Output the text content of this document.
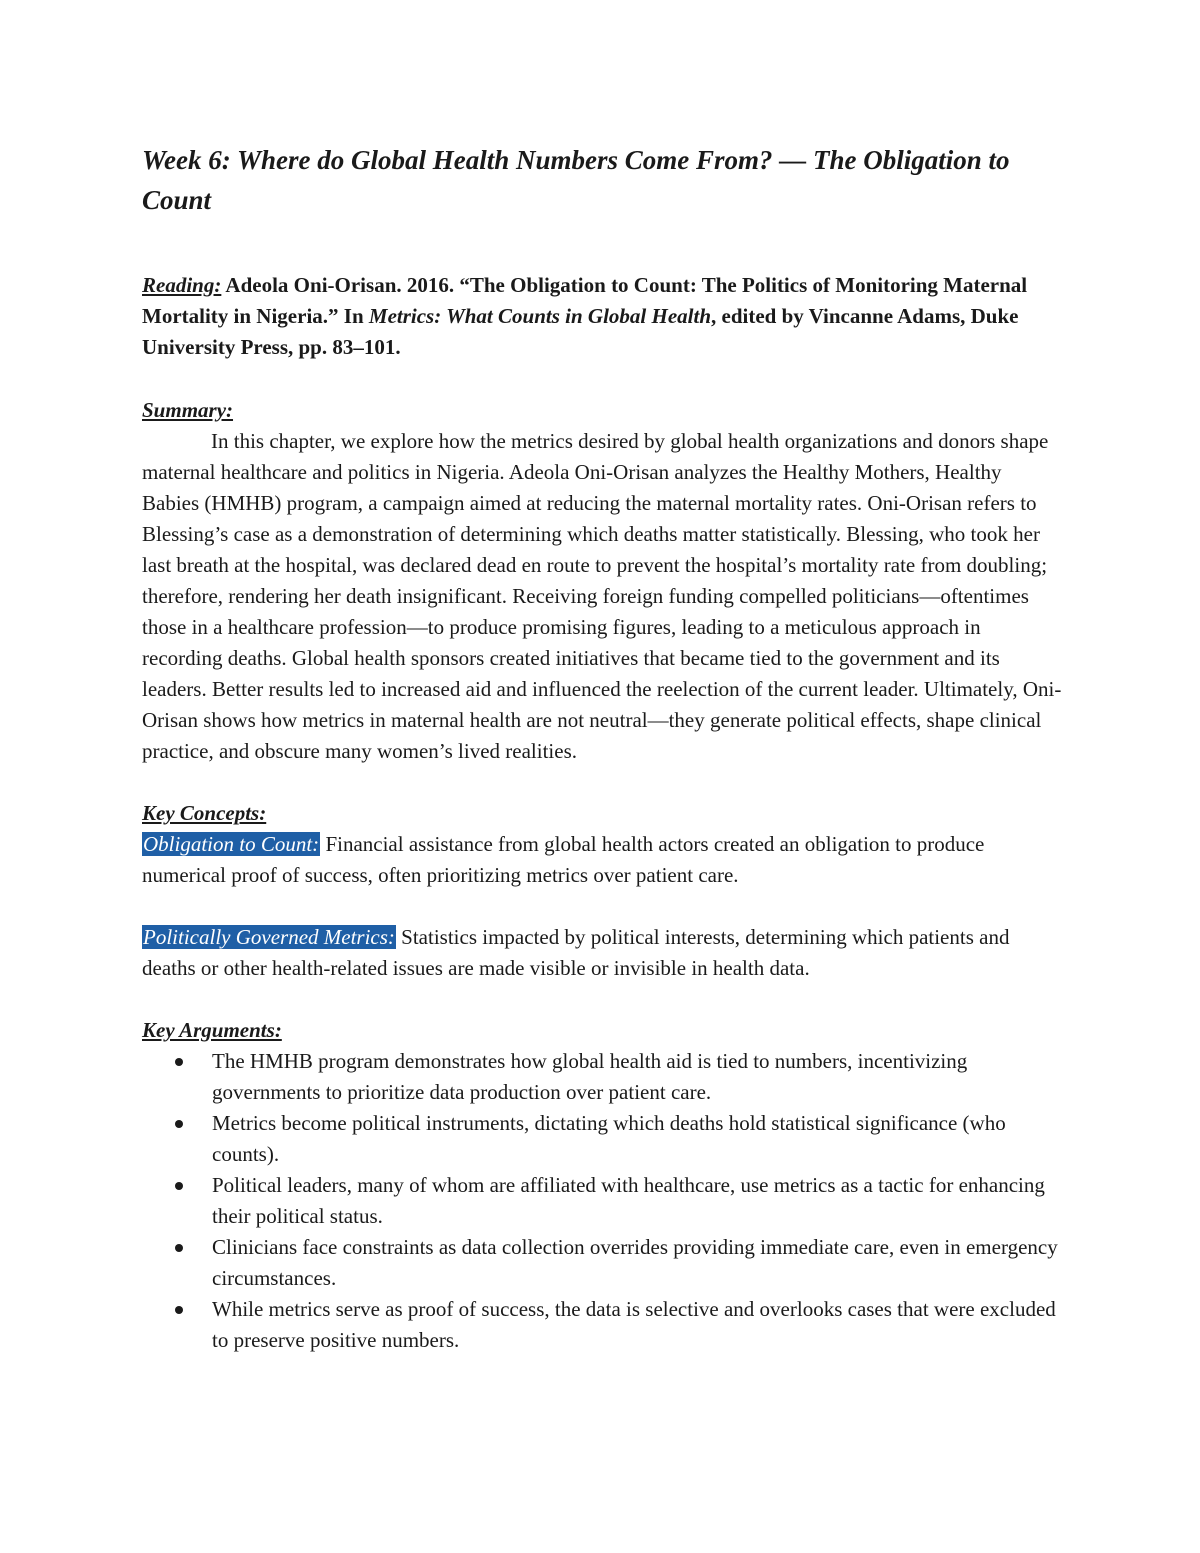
Week 6: Where do Global Health Numbers Come From? — The Obligation to Count

Reading: Adeola Oni-Orisan. 2016. “The Obligation to Count: The Politics of Monitoring Maternal Mortality in Nigeria.” In Metrics: What Counts in Global Health, edited by Vincanne Adams, Duke University Press, pp. 83–101.

Summary:

In this chapter, we explore how the metrics desired by global health organizations and donors shape maternal healthcare and politics in Nigeria. Adeola Oni-Orisan analyzes the Healthy Mothers, Healthy Babies (HMHB) program, a campaign aimed at reducing the maternal mortality rates. Oni-Orisan refers to Blessing’s case as a demonstration of determining which deaths matter statistically. Blessing, who took her last breath at the hospital, was declared dead en route to prevent the hospital’s mortality rate from doubling; therefore, rendering her death insignificant. Receiving foreign funding compelled politicians—oftentimes those in a healthcare profession—to produce promising figures, leading to a meticulous approach in recording deaths. Global health sponsors created initiatives that became tied to the government and its leaders. Better results led to increased aid and influenced the reelection of the current leader. Ultimately, Oni-Orisan shows how metrics in maternal health are not neutral—they generate political effects, shape clinical practice, and obscure many women’s lived realities.

Key Concepts:

Obligation to Count: Financial assistance from global health actors created an obligation to produce numerical proof of success, often prioritizing metrics over patient care.

Politically Governed Metrics: Statistics impacted by political interests, determining which patients and deaths or other health-related issues are made visible or invisible in health data.

Key Arguments:

The HMHB program demonstrates how global health aid is tied to numbers, incentivizing governments to prioritize data production over patient care.
Metrics become political instruments, dictating which deaths hold statistical significance (who counts).
Political leaders, many of whom are affiliated with healthcare, use metrics as a tactic for enhancing their political status.
Clinicians face constraints as data collection overrides providing immediate care, even in emergency circumstances.
While metrics serve as proof of success, the data is selective and overlooks cases that were excluded to preserve positive numbers.
